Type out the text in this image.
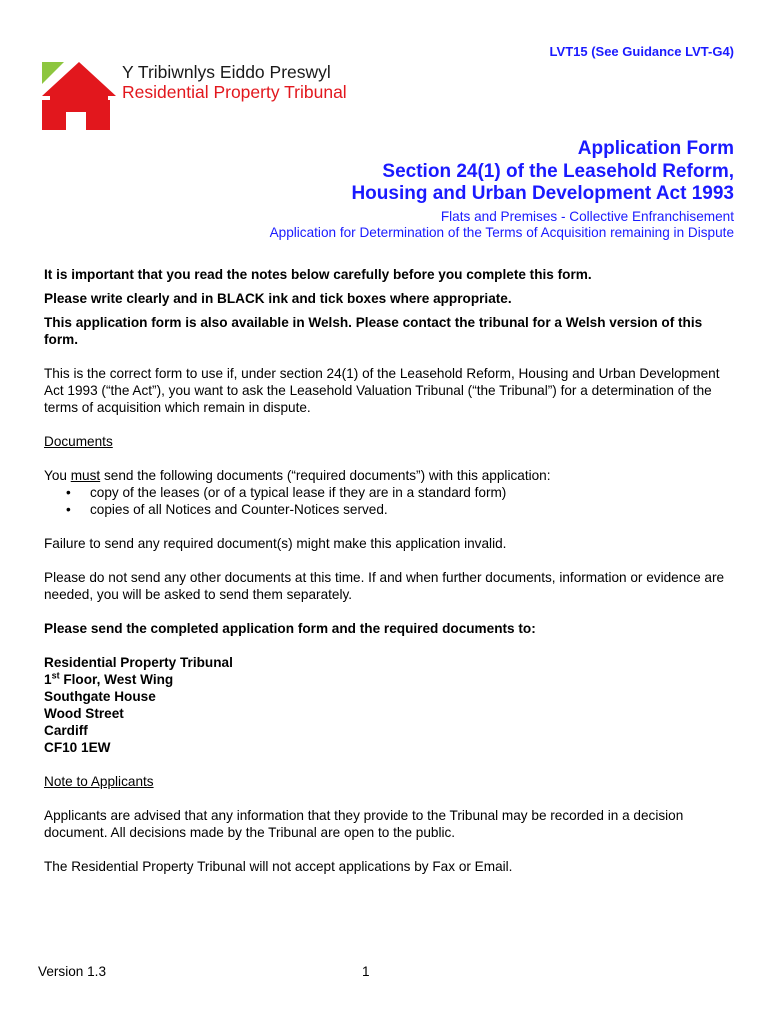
LVT15 (See Guidance LVT-G4)
Y Tribiwnlys Eiddo Preswyl
Residential Property Tribunal
Application Form
Section 24(1) of the Leasehold Reform,
Housing and Urban Development Act 1993
Flats and Premises - Collective Enfranchisement
Application for Determination of the Terms of Acquisition remaining in Dispute

It is important that you read the notes below carefully before you complete this form.

Please write clearly and in BLACK ink and tick boxes where appropriate.

This application form is also available in Welsh. Please contact the tribunal for a Welsh version of this form.

This is the correct form to use if, under section 24(1) of the Leasehold Reform, Housing and Urban Development Act 1993 (“the Act”), you want to ask the Leasehold Valuation Tribunal (“the Tribunal”) for a determination of the terms of acquisition which remain in dispute.

Documents

You must send the following documents (“required documents”) with this application:

• copy of the leases (or of a typical lease if they are in a standard form)
• copies of all Notices and Counter-Notices served.

Failure to send any required document(s) might make this application invalid.

Please do not send any other documents at this time. If and when further documents, information or evidence are needed, you will be asked to send them separately.

Please send the completed application form and the required documents to:

Residential Property Tribunal

1st Floor, West Wing

Southgate House

Wood Street

Cardiff

CF10 1EW

Note to Applicants

Applicants are advised that any information that they provide to the Tribunal may be recorded in a decision document. All decisions made by the Tribunal are open to the public.

The Residential Property Tribunal will not accept applications by Fax or Email.

Version 1.3	1
